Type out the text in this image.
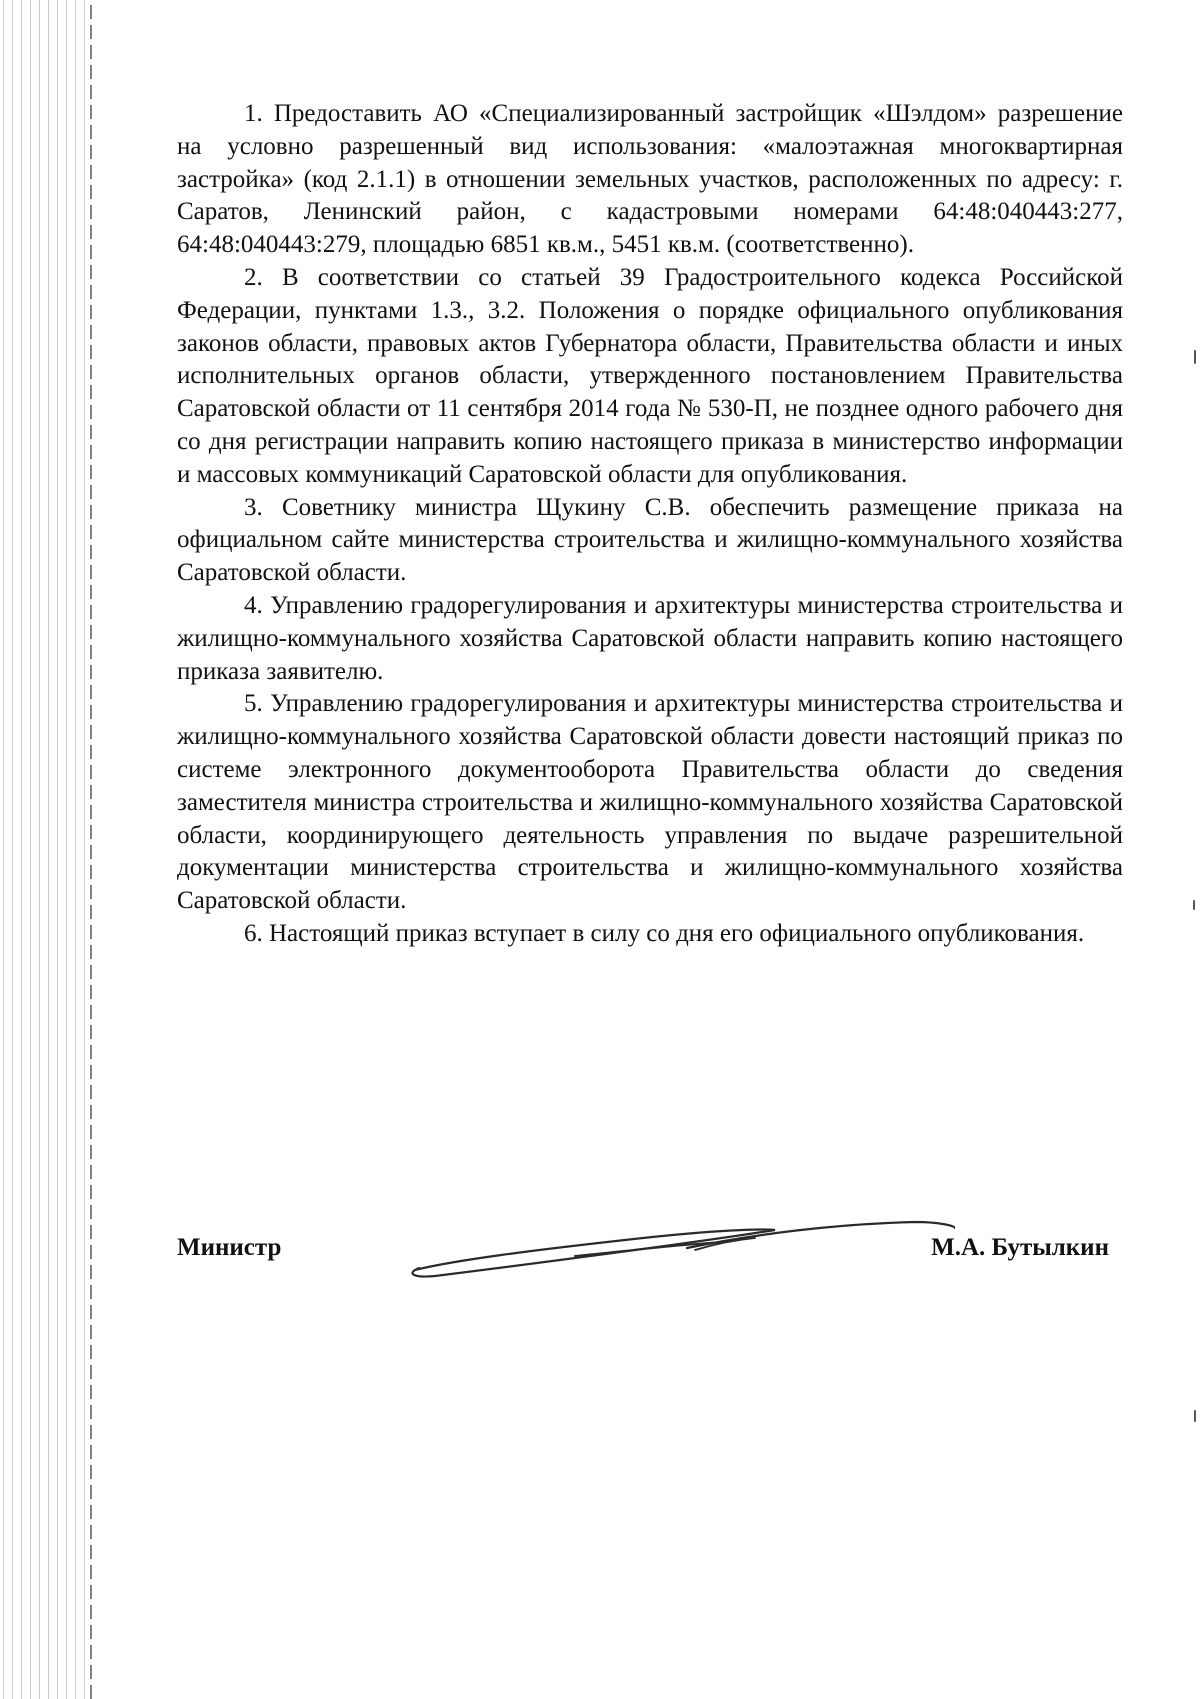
1. Предоставить АО «Специализированный застройщик «Шэлдом» разрешение на условно разрешенный вид использования: «малоэтажная многоквартирная застройка» (код 2.1.1) в отношении земельных участков, расположенных по адресу: г. Саратов, Ленинский район, с кадастровыми номерами 64:48:040443:277, 64:48:040443:279, площадью 6851 кв.м., 5451 кв.м. (соответственно).

2. В соответствии со статьей 39 Градостроительного кодекса Российской Федерации, пунктами 1.3., 3.2. Положения о порядке официального опубликования законов области, правовых актов Губернатора области, Правительства области и иных исполнительных органов области, утвержденного постановлением Правительства Саратовской области от 11 сентября 2014 года № 530-П, не позднее одного рабочего дня со дня регистрации направить копию настоящего приказа в министерство информации и массовых коммуникаций Саратовской области для опубликования.

3. Советнику министра Щукину С.В. обеспечить размещение приказа на официальном сайте министерства строительства и жилищно-коммунального хозяйства Саратовской области.

4. Управлению градорегулирования и архитектуры министерства строительства и жилищно-коммунального хозяйства Саратовской области направить копию настоящего приказа заявителю.

5. Управлению градорегулирования и архитектуры министерства строительства и жилищно-коммунального хозяйства Саратовской области довести настоящий приказ по системе электронного документооборота Правительства области до сведения заместителя министра строительства и жилищно-коммунального хозяйства Саратовской области, координирующего деятельность управления по выдаче разрешительной документации министерства строительства и жилищно-коммунального хозяйства Саратовской области.

6. Настоящий приказ вступает в силу со дня его официального опубликования.

Министр	М.А. Бутылкин
